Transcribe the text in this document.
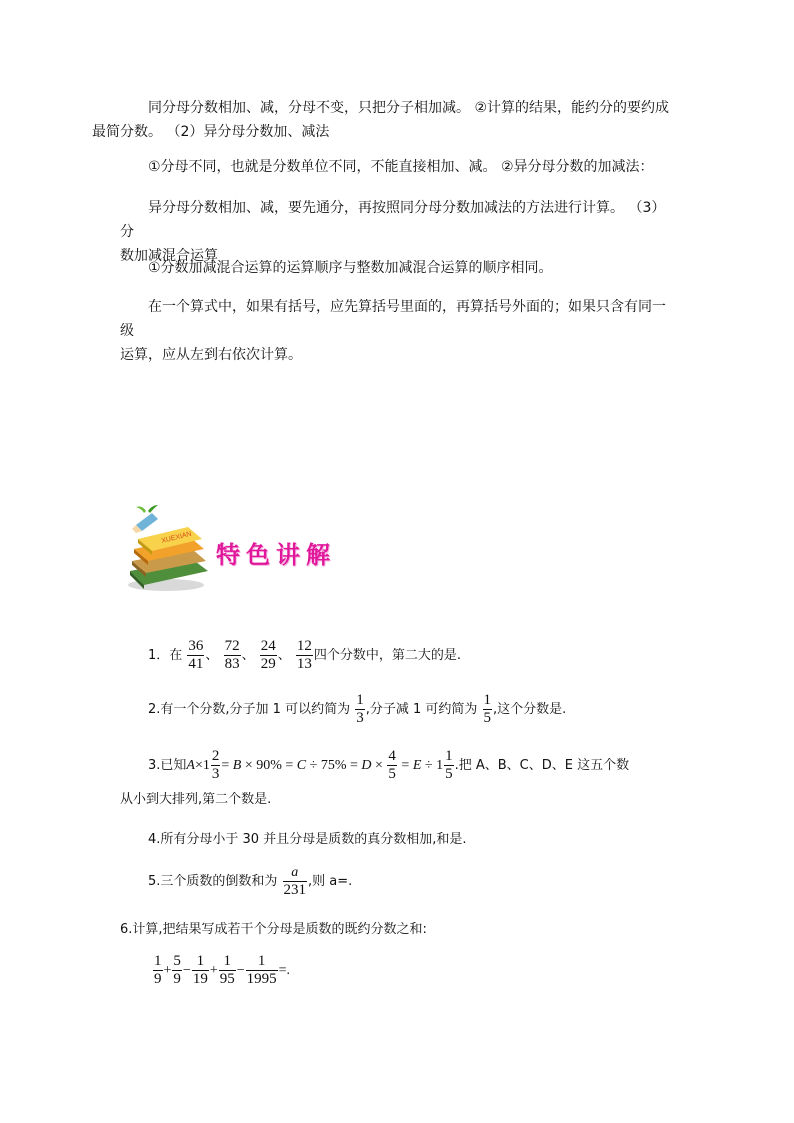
同分母分数相加、减，分母不变，只把分子相加减。 ②计算的结果，能约分的要约成
最简分数。 （2）异分母分数加、减法

①分母不同，也就是分数单位不同，不能直接相加、减。 ②异分母分数的加减法：

异分母分数相加、减，要先通分，再按照同分母分数加减法的方法进行计算。 （3）分
数加减混合运算

①分数加减混合运算的运算顺序与整数加减混合运算的顺序相同。

在一个算式中，如果有括号，应先算括号里面的，再算括号外面的；如果只含有同一级
运算，应从左到右依次计算。

XUEXIAN
特色讲解
1．在 $\frac{36}{41}$ 、 $\frac{72}{83}$ 、 $\frac{24}{29}$ 、 $\frac{12}{13}$ 四个分数中，第二大的是.
2.有一个分数,分子加 1 可以约简为 $\frac{1}{3}$ ,分子减 1 可约简为 $\frac{1}{5}$ ,这个分数是.
3.已知$A\times 1 \frac{2}{3} = B \times 90\% = C \div 75\% = D \times \frac{4}{5} = E \div 1 \frac{1}{5}$ .把 A、B、C、D、E 这五个数
从小到大排列,第二个数是.
4.所有分母小于 30 并且分母是质数的真分数相加,和是.
5.三个质数的倒数和为 $\frac{a}{231}$ ,则 a=.
6.计算,把结果写成若干个分母是质数的既约分数之和:
$\frac{1}{9} + \frac{5}{9} - \frac{1}{19} + \frac{1}{95} - \frac{1}{1995}$ =.
